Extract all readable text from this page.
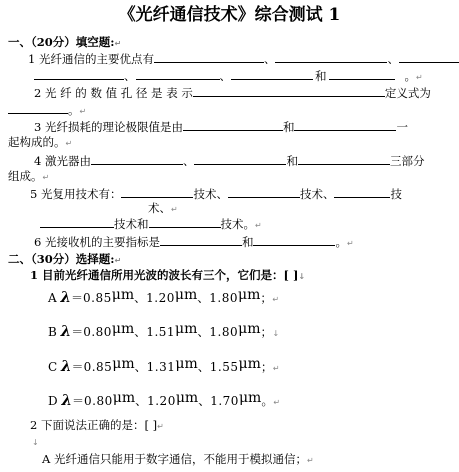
《光纤通信技术》综合测试 1
一、（20分）填空题:↵
1 光纤通信的主要优点有	、	、
、	、	和	。↵
2 光 纤 的 数 值 孔 径 是 表 示	定义式为
。↵
3 光纤损耗的理论极限值是由	和	一
起构成的。↵
4 激光器由	、	和	三部分
组成。↵
5 光复用技术有：	技术、	技术、	技
术、↵
技术和	技术。↵
6 光接收机的主要指标是	和	。↵
二、（30分）选择题:↵
1 目前光纤通信所用光波的波长有三个，它们是：[ ]↓
A λ＝0.85μm、1.20μm、1.80μm；↵
B λ＝0.80μm、1.51μm、1.80μm；↓
C λ＝0.85μm、1.31μm、1.55μm；↵
D λ＝0.80μm、1.20μm、1.70μm。↵
2 下面说法正确的是：[ ]↵
↓
A 光纤通信只能用于数字通信，不能用于模拟通信；↵
